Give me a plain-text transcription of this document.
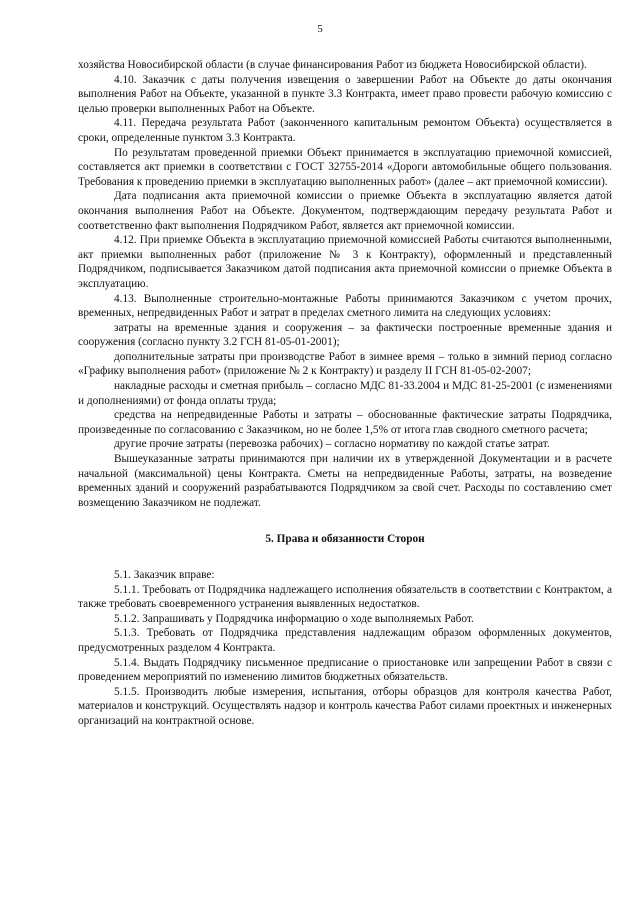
5

хозяйства Новосибирской области (в случае финансирования Работ из бюджета Новосибирской области).

4.10. Заказчик с даты получения извещения о завершении Работ на Объекте до даты окончания выполнения Работ на Объекте, указанной в пункте 3.3 Контракта, имеет право провести рабочую комиссию с целью проверки выполненных Работ на Объекте.

4.11. Передача результата Работ (законченного капитальным ремонтом Объекта) осуществляется в сроки, определенные пунктом 3.3 Контракта.

По результатам проведенной приемки Объект принимается в эксплуатацию приемочной комиссией, составляется акт приемки в соответствии с ГОСТ 32755-2014 «Дороги автомобильные общего пользования. Требования к проведению приемки в эксплуатацию выполненных работ» (далее – акт приемочной комиссии).

Дата подписания акта приемочной комиссии о приемке Объекта в эксплуатацию является датой окончания выполнения Работ на Объекте. Документом, подтверждающим передачу результата Работ и соответственно факт выполнения Подрядчиком Работ, является акт приемочной комиссии.

4.12. При приемке Объекта в эксплуатацию приемочной комиссией Работы считаются выполненными, акт приемки выполненных работ (приложение № 3 к Контракту), оформленный и представленный Подрядчиком, подписывается Заказчиком датой подписания акта приемочной комиссии о приемке Объекта в эксплуатацию.

4.13. Выполненные строительно-монтажные Работы принимаются Заказчиком с учетом прочих, временных, непредвиденных Работ и затрат в пределах сметного лимита на следующих условиях:

затраты на временные здания и сооружения – за фактически построенные временные здания и сооружения (согласно пункту 3.2 ГСН 81-05-01-2001);

дополнительные затраты при производстве Работ в зимнее время – только в зимний период согласно «Графику выполнения работ» (приложение № 2 к Контракту) и разделу II ГСН 81-05-02-2007;

накладные расходы и сметная прибыль – согласно МДС 81-33.2004 и МДС 81-25-2001 (с изменениями и дополнениями) от фонда оплаты труда;

средства на непредвиденные Работы и затраты – обоснованные фактические затраты Подрядчика, произведенные по согласованию с Заказчиком, но не более 1,5% от итога глав сводного сметного расчета;

другие прочие затраты (перевозка рабочих) – согласно нормативу по каждой статье затрат.

Вышеуказанные затраты принимаются при наличии их в утвержденной Документации и в расчете начальной (максимальной) цены Контракта. Сметы на непредвиденные Работы, затраты, на возведение временных зданий и сооружений разрабатываются Подрядчиком за свой счет. Расходы по составлению смет возмещению Заказчиком не подлежат.

5. Права и обязанности Сторон

5.1. Заказчик вправе:

5.1.1. Требовать от Подрядчика надлежащего исполнения обязательств в соответствии с Контрактом, а также требовать своевременного устранения выявленных недостатков.

5.1.2. Запрашивать у Подрядчика информацию о ходе выполняемых Работ.

5.1.3. Требовать от Подрядчика представления надлежащим образом оформленных документов, предусмотренных разделом 4 Контракта.

5.1.4. Выдать Подрядчику письменное предписание о приостановке или запрещении Работ в связи с проведением мероприятий по изменению лимитов бюджетных обязательств.

5.1.5. Производить любые измерения, испытания, отборы образцов для контроля качества Работ, материалов и конструкций. Осуществлять надзор и контроль качества Работ силами проектных и инженерных организаций на контрактной основе.
